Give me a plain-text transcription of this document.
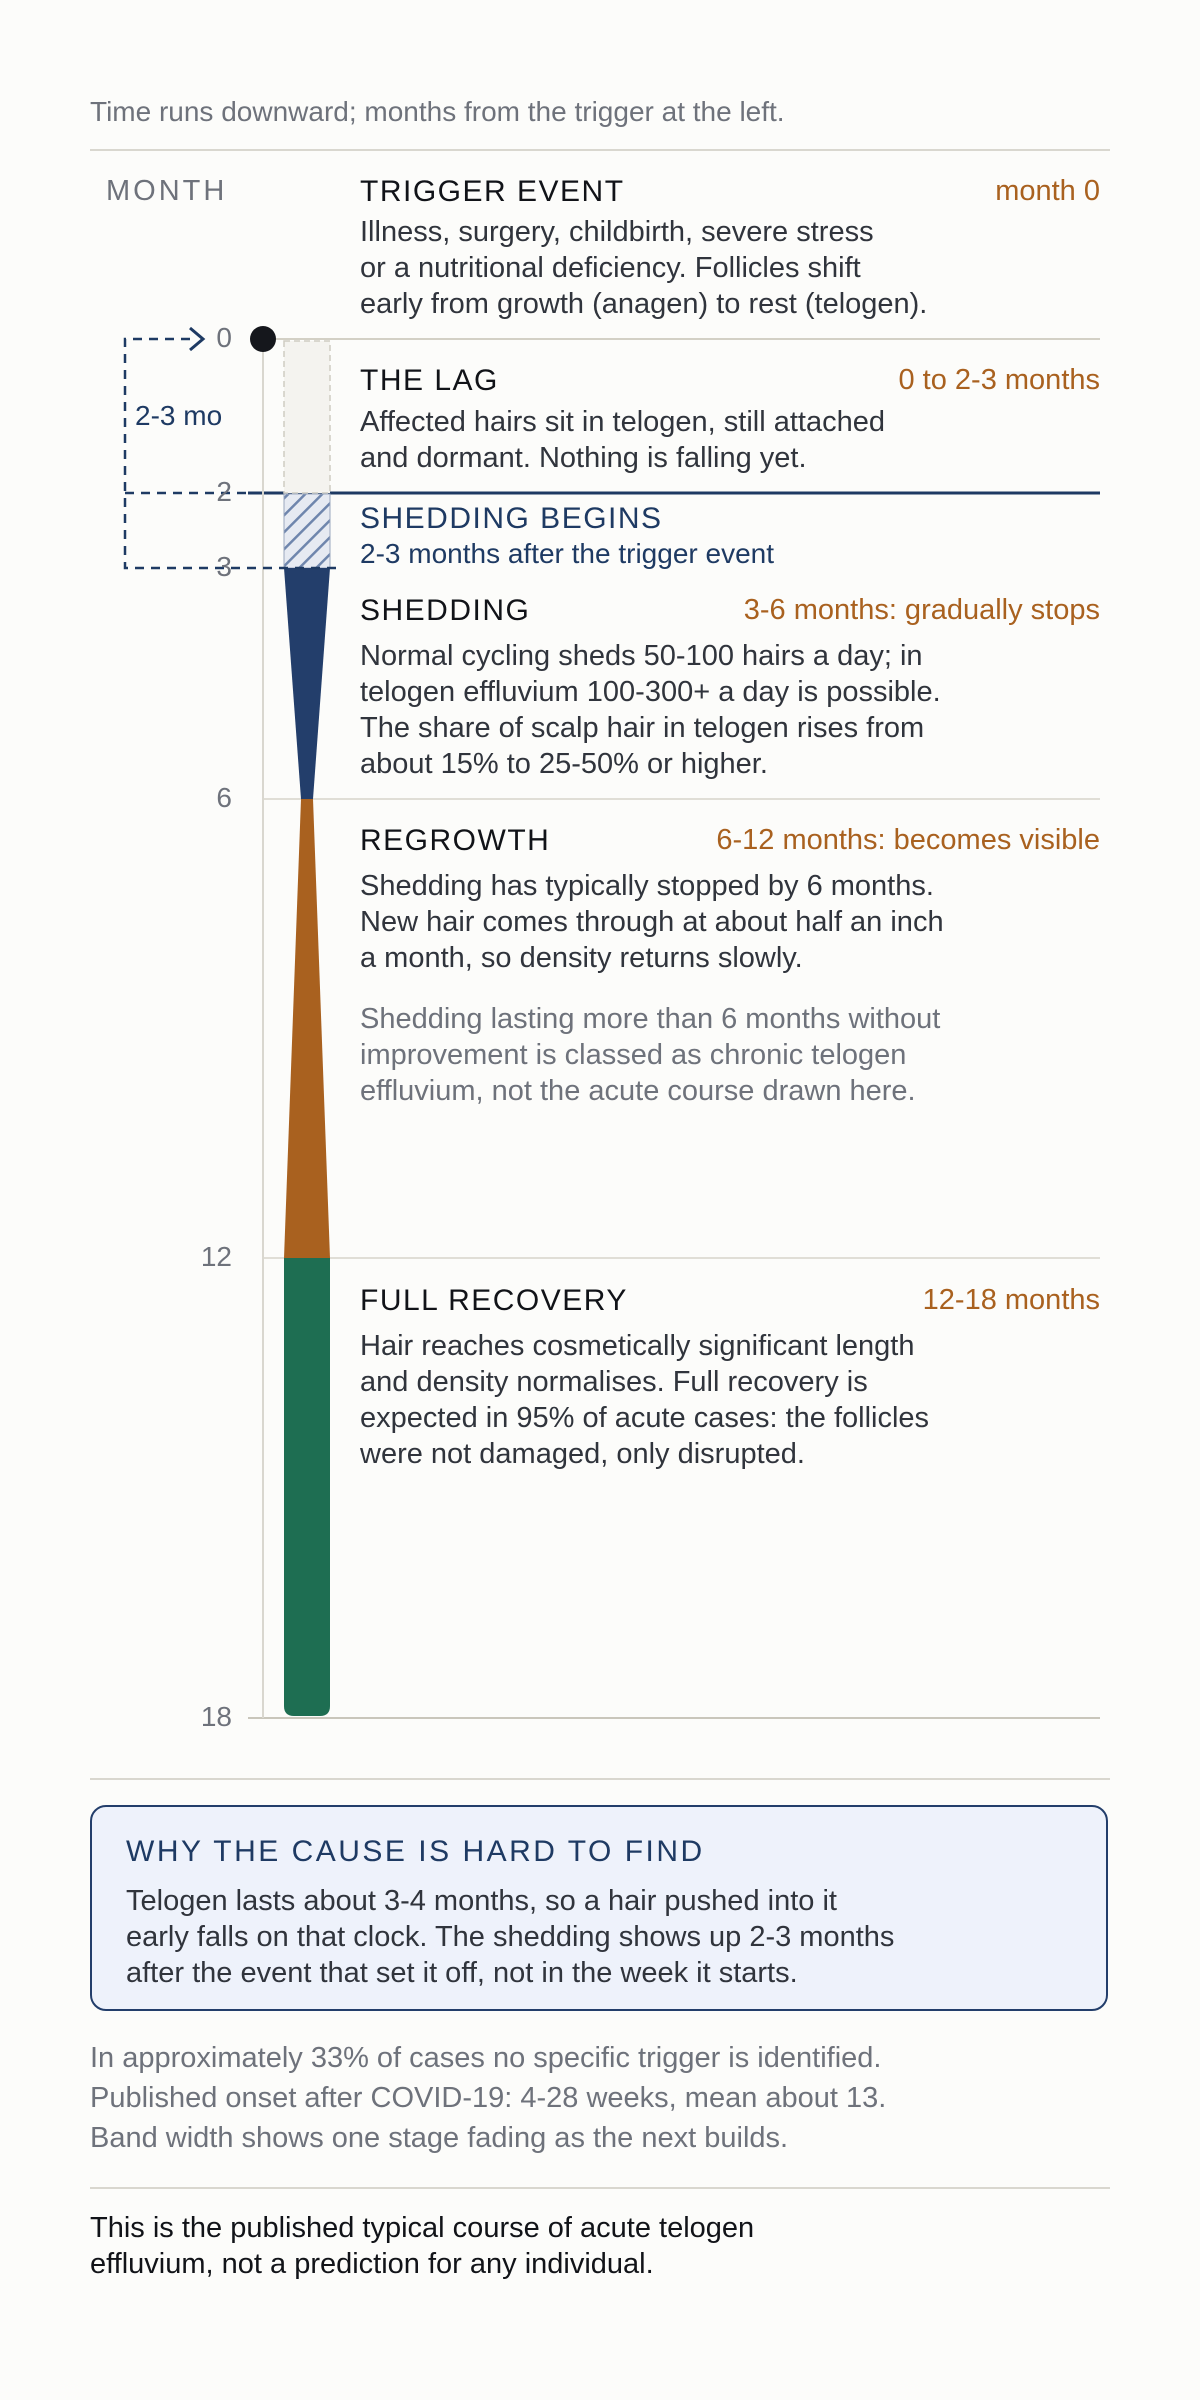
Time runs downward; months from the trigger at the left.
MONTH
0
2
3
6
12
18
2-3 mo
TRIGGER EVENT	month 0
Illness, surgery, childbirth, severe stress
or a nutritional deficiency. Follicles shift
early from growth (anagen) to rest (telogen).
THE LAG	0 to 2-3 months
Affected hairs sit in telogen, still attached
and dormant. Nothing is falling yet.
SHEDDING BEGINS
2-3 months after the trigger event
SHEDDING	3-6 months: gradually stops
Normal cycling sheds 50-100 hairs a day; in
telogen effluvium 100-300+ a day is possible.
The share of scalp hair in telogen rises from
about 15% to 25-50% or higher.
REGROWTH	6-12 months: becomes visible
Shedding has typically stopped by 6 months.
New hair comes through at about half an inch
a month, so density returns slowly.
Shedding lasting more than 6 months without
improvement is classed as chronic telogen
effluvium, not the acute course drawn here.
FULL RECOVERY	12-18 months
Hair reaches cosmetically significant length
and density normalises. Full recovery is
expected in 95% of acute cases: the follicles
were not damaged, only disrupted.
WHY THE CAUSE IS HARD TO FIND
Telogen lasts about 3-4 months, so a hair pushed into it
early falls on that clock. The shedding shows up 2-3 months
after the event that set it off, not in the week it starts.
In approximately 33% of cases no specific trigger is identified.
Published onset after COVID-19: 4-28 weeks, mean about 13.
Band width shows one stage fading as the next builds.
This is the published typical course of acute telogen
effluvium, not a prediction for any individual.
